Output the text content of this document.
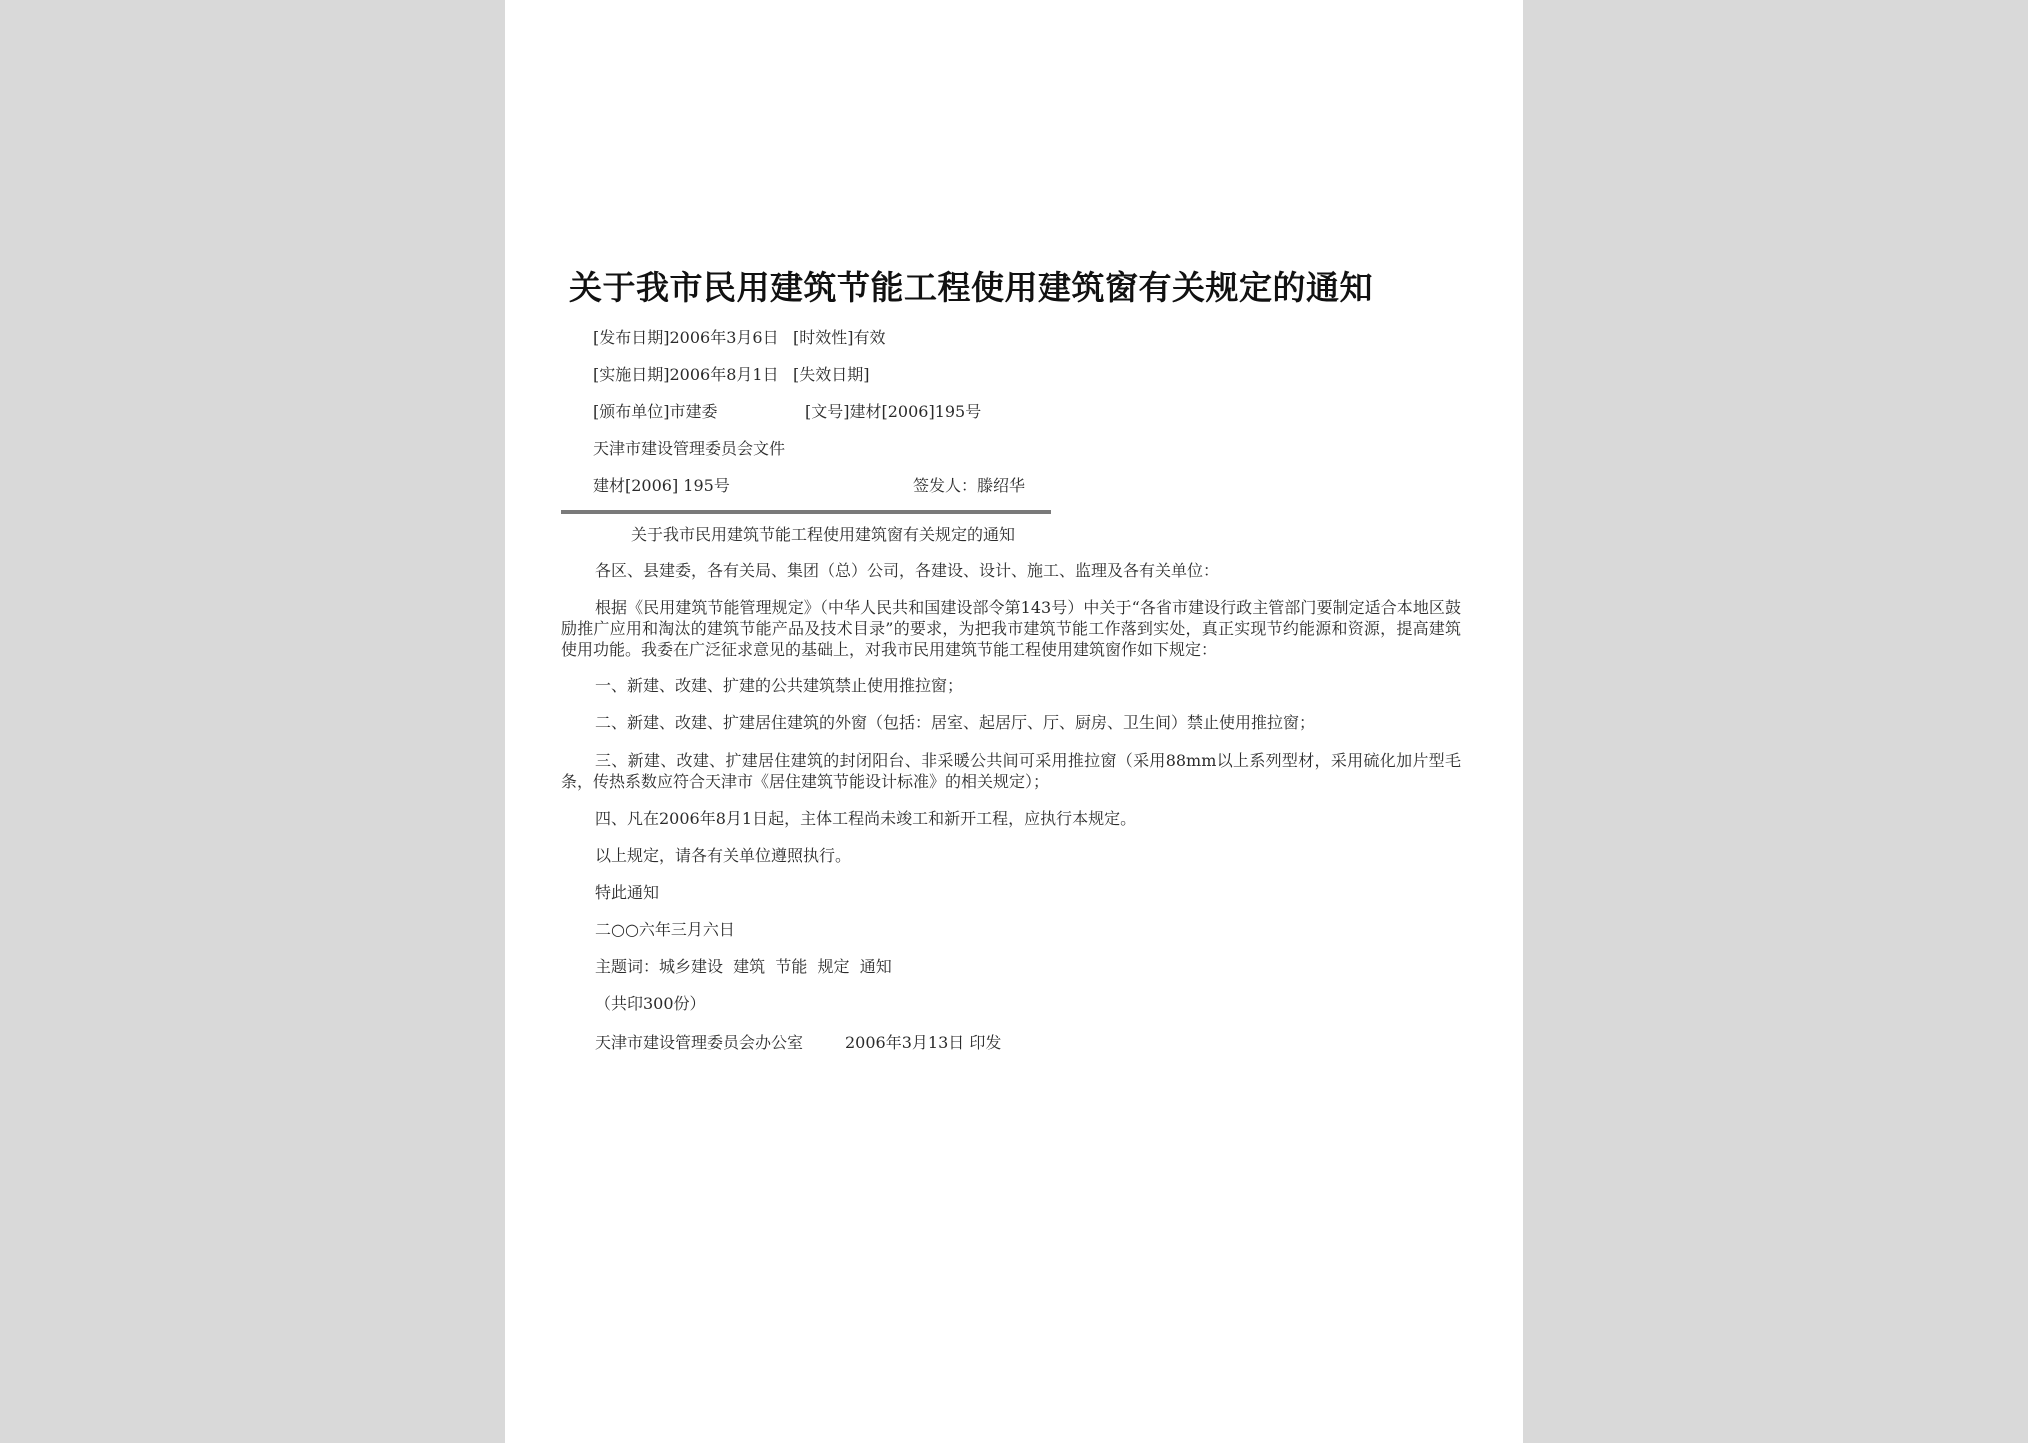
关于我市民用建筑节能工程使用建筑窗有关规定的通知
[发布日期]2006年3月6日 [时效性]有效
[实施日期]2006年8月1日 [失效日期]
[颁布单位]市建委	[文号]建材[2006]195号
天津市建设管理委员会文件
建材[2006] 195号	签发人：滕绍华
关于我市民用建筑节能工程使用建筑窗有关规定的通知
各区、县建委，各有关局、集团（总）公司，各建设、设计、施工、监理及各有关单位：
根据《民用建筑节能管理规定》（中华人民共和国建设部令第143号）中关于“各省市建设行政主管部门要制定适合本地区鼓励推广应用和淘汰的建筑节能产品及技术目录”的要求，为把我市建筑节能工作落到实处，真正实现节约能源和资源，提高建筑使用功能。我委在广泛征求意见的基础上，对我市民用建筑节能工程使用建筑窗作如下规定：
一、新建、改建、扩建的公共建筑禁止使用推拉窗；
二、新建、改建、扩建居住建筑的外窗（包括：居室、起居厅、厅、厨房、卫生间）禁止使用推拉窗；
三、新建、改建、扩建居住建筑的封闭阳台、非采暖公共间可采用推拉窗（采用88mm以上系列型材，采用硫化加片型毛条，传热系数应符合天津市《居住建筑节能设计标准》的相关规定）；
四、凡在2006年8月1日起，主体工程尚未竣工和新开工程，应执行本规定。
以上规定，请各有关单位遵照执行。
特此通知
二○○六年三月六日
主题词：城乡建设  建筑  节能  规定  通知
（共印300份）
天津市建设管理委员会办公室	2006年3月13日 印发
